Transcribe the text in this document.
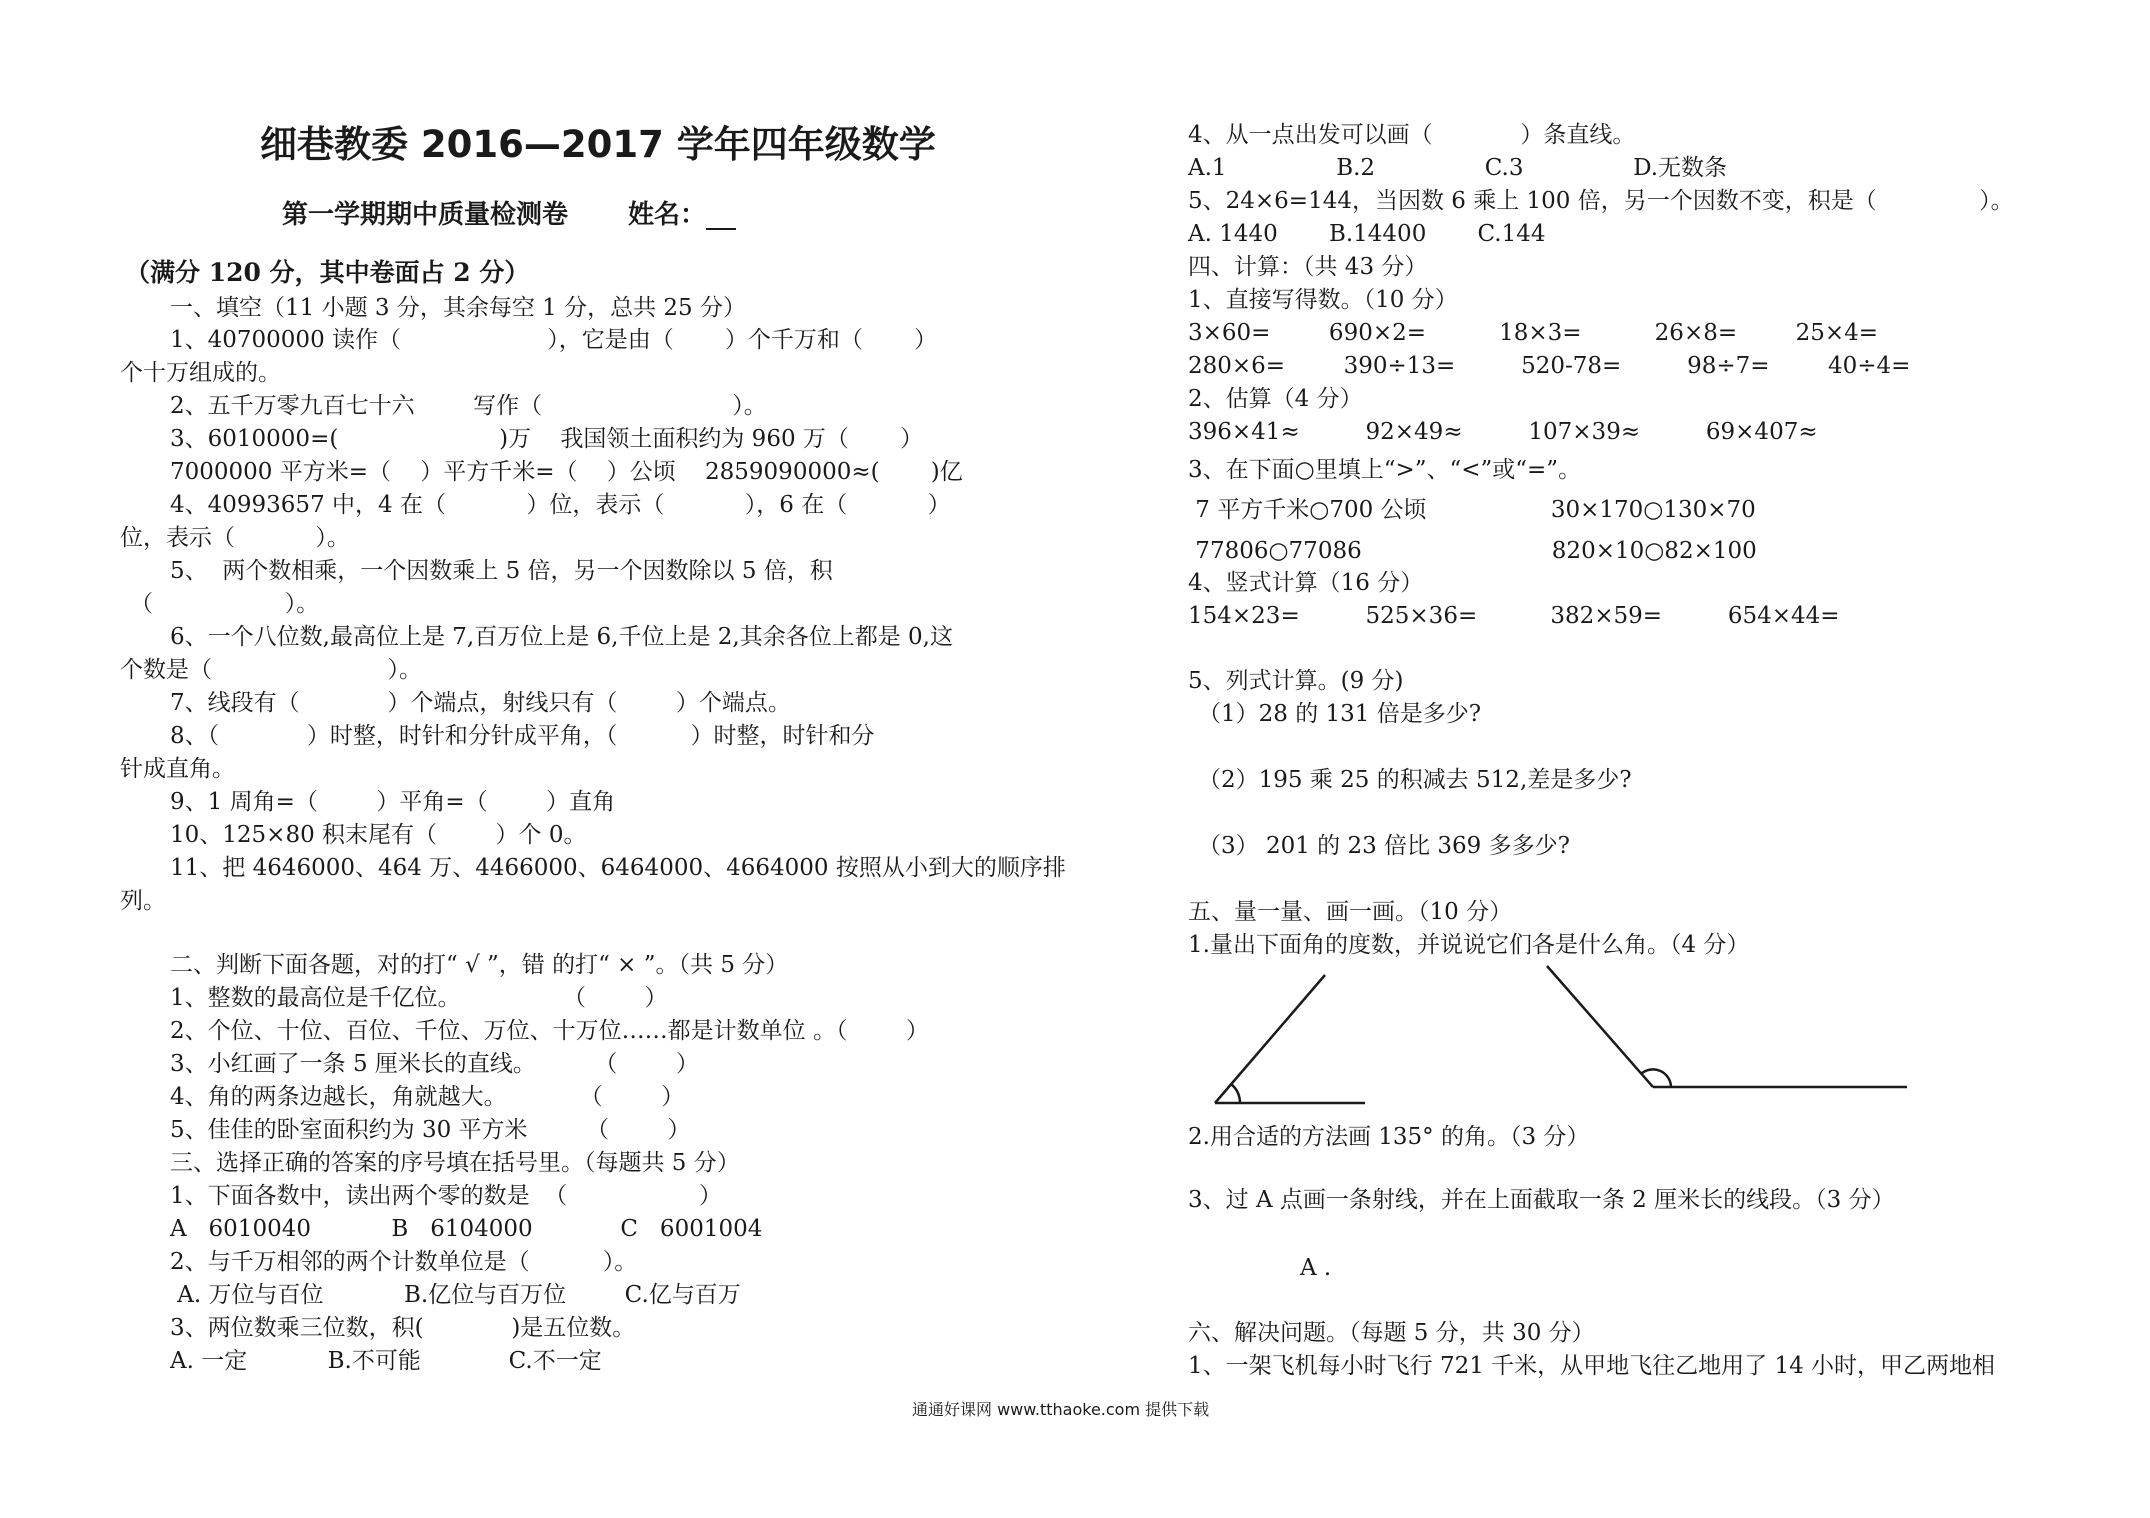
细巷教委 2016—2017 学年四年级数学
第一学期期中质量检测卷 姓名：
（满分 120 分，其中卷面占 2 分）
一、填空（11 小题 3 分，其余每空 1 分，总共 25 分）
1、40700000 读作（                    ），它是由（       ）个千万和（       ）
个十万组成的。
2、五千万零九百七十六        写作（                          ）。
3、6010000=(                      )万    我国领土面积约为 960 万（       ）
7000000 平方米=（    ）平方千米=（    ）公顷    2859090000≈(       )亿
4、40993657 中，4 在（           ）位，表示（           ），6 在（           ）
位，表示（           ）。
5、  两个数相乘，一个因数乘上 5 倍，另一个因数除以 5 倍，积
（                  ）。
6、一个八位数,最高位上是 7,百万位上是 6,千位上是 2,其余各位上都是 0,这
个数是（                        ）。
7、线段有（            ）个端点，射线只有（        ）个端点。
8、（            ）时整，时针和分针成平角，（          ）时整，时针和分
针成直角。
9、1 周角=（        ）平角=（        ）直角
10、125×80 积末尾有（        ）个 0。
11、把 4646000、464 万、4466000、6464000、4664000 按照从小到大的顺序排
列。
二、判断下面各题，对的打“ √ ”，错 的打“ × ”。（共 5 分）
1、整数的最高位是千亿位。              （        ）
2、个位、十位、百位、千位、万位、十万位……都是计数单位 。（        ）
3、小红画了一条 5 厘米长的直线。        （        ）
4、角的两条边越长，角就越大。          （        ）
5、佳佳的卧室面积约为 30 平方米        （        ）
三、选择正确的答案的序号填在括号里。（每题共 5 分）
1、下面各数中，读出两个零的数是  （                  ）
A   6010040           B   6104000            C   6001004
2、与千万相邻的两个计数单位是（          ）。
A. 万位与百位           B.亿位与百万位        C.亿与百万
3、两位数乘三位数，积(            )是五位数。
A. 一定           B.不可能            C.不一定
4、从一点出发可以画（            ）条直线。
A.1               B.2               C.3               D.无数条
5、24×6=144，当因数 6 乘上 100 倍，另一个因数不变，积是（              ）。
A. 1440       B.14400       C.144
四、计算：（共 43 分）
1、直接写得数。（10 分）
3×60=        690×2=          18×3=          26×8=        25×4=
280×6=        390÷13=         520-78=         98÷7=        40÷4=
2、估算（4 分）
396×41≈         92×49≈         107×39≈         69×407≈
3、在下面○里填上“>”、“<”或“=”。
7 平方千米○700 公顷                 30×170○130×70
77806○77086                          820×10○82×100
4、竖式计算（16 分）
154×23=         525×36=          382×59=         654×44=
5、列式计算。(9 分)
（1）28 的 131 倍是多少?
（2）195 乘 25 的积减去 512,差是多少?
（3） 201 的 23 倍比 369 多多少?
五、量一量、画一画。（10 分）
1.量出下面角的度数，并说说它们各是什么角。（4 分）
2.用合适的方法画 135° 的角。（3 分）
3、过 A 点画一条射线，并在上面截取一条 2 厘米长的线段。（3 分）
A .
六、解决问题。（每题 5 分，共 30 分）
1、一架飞机每小时飞行 721 千米，从甲地飞往乙地用了 14 小时，甲乙两地相
通通好课网 www.tthaoke.com 提供下载
